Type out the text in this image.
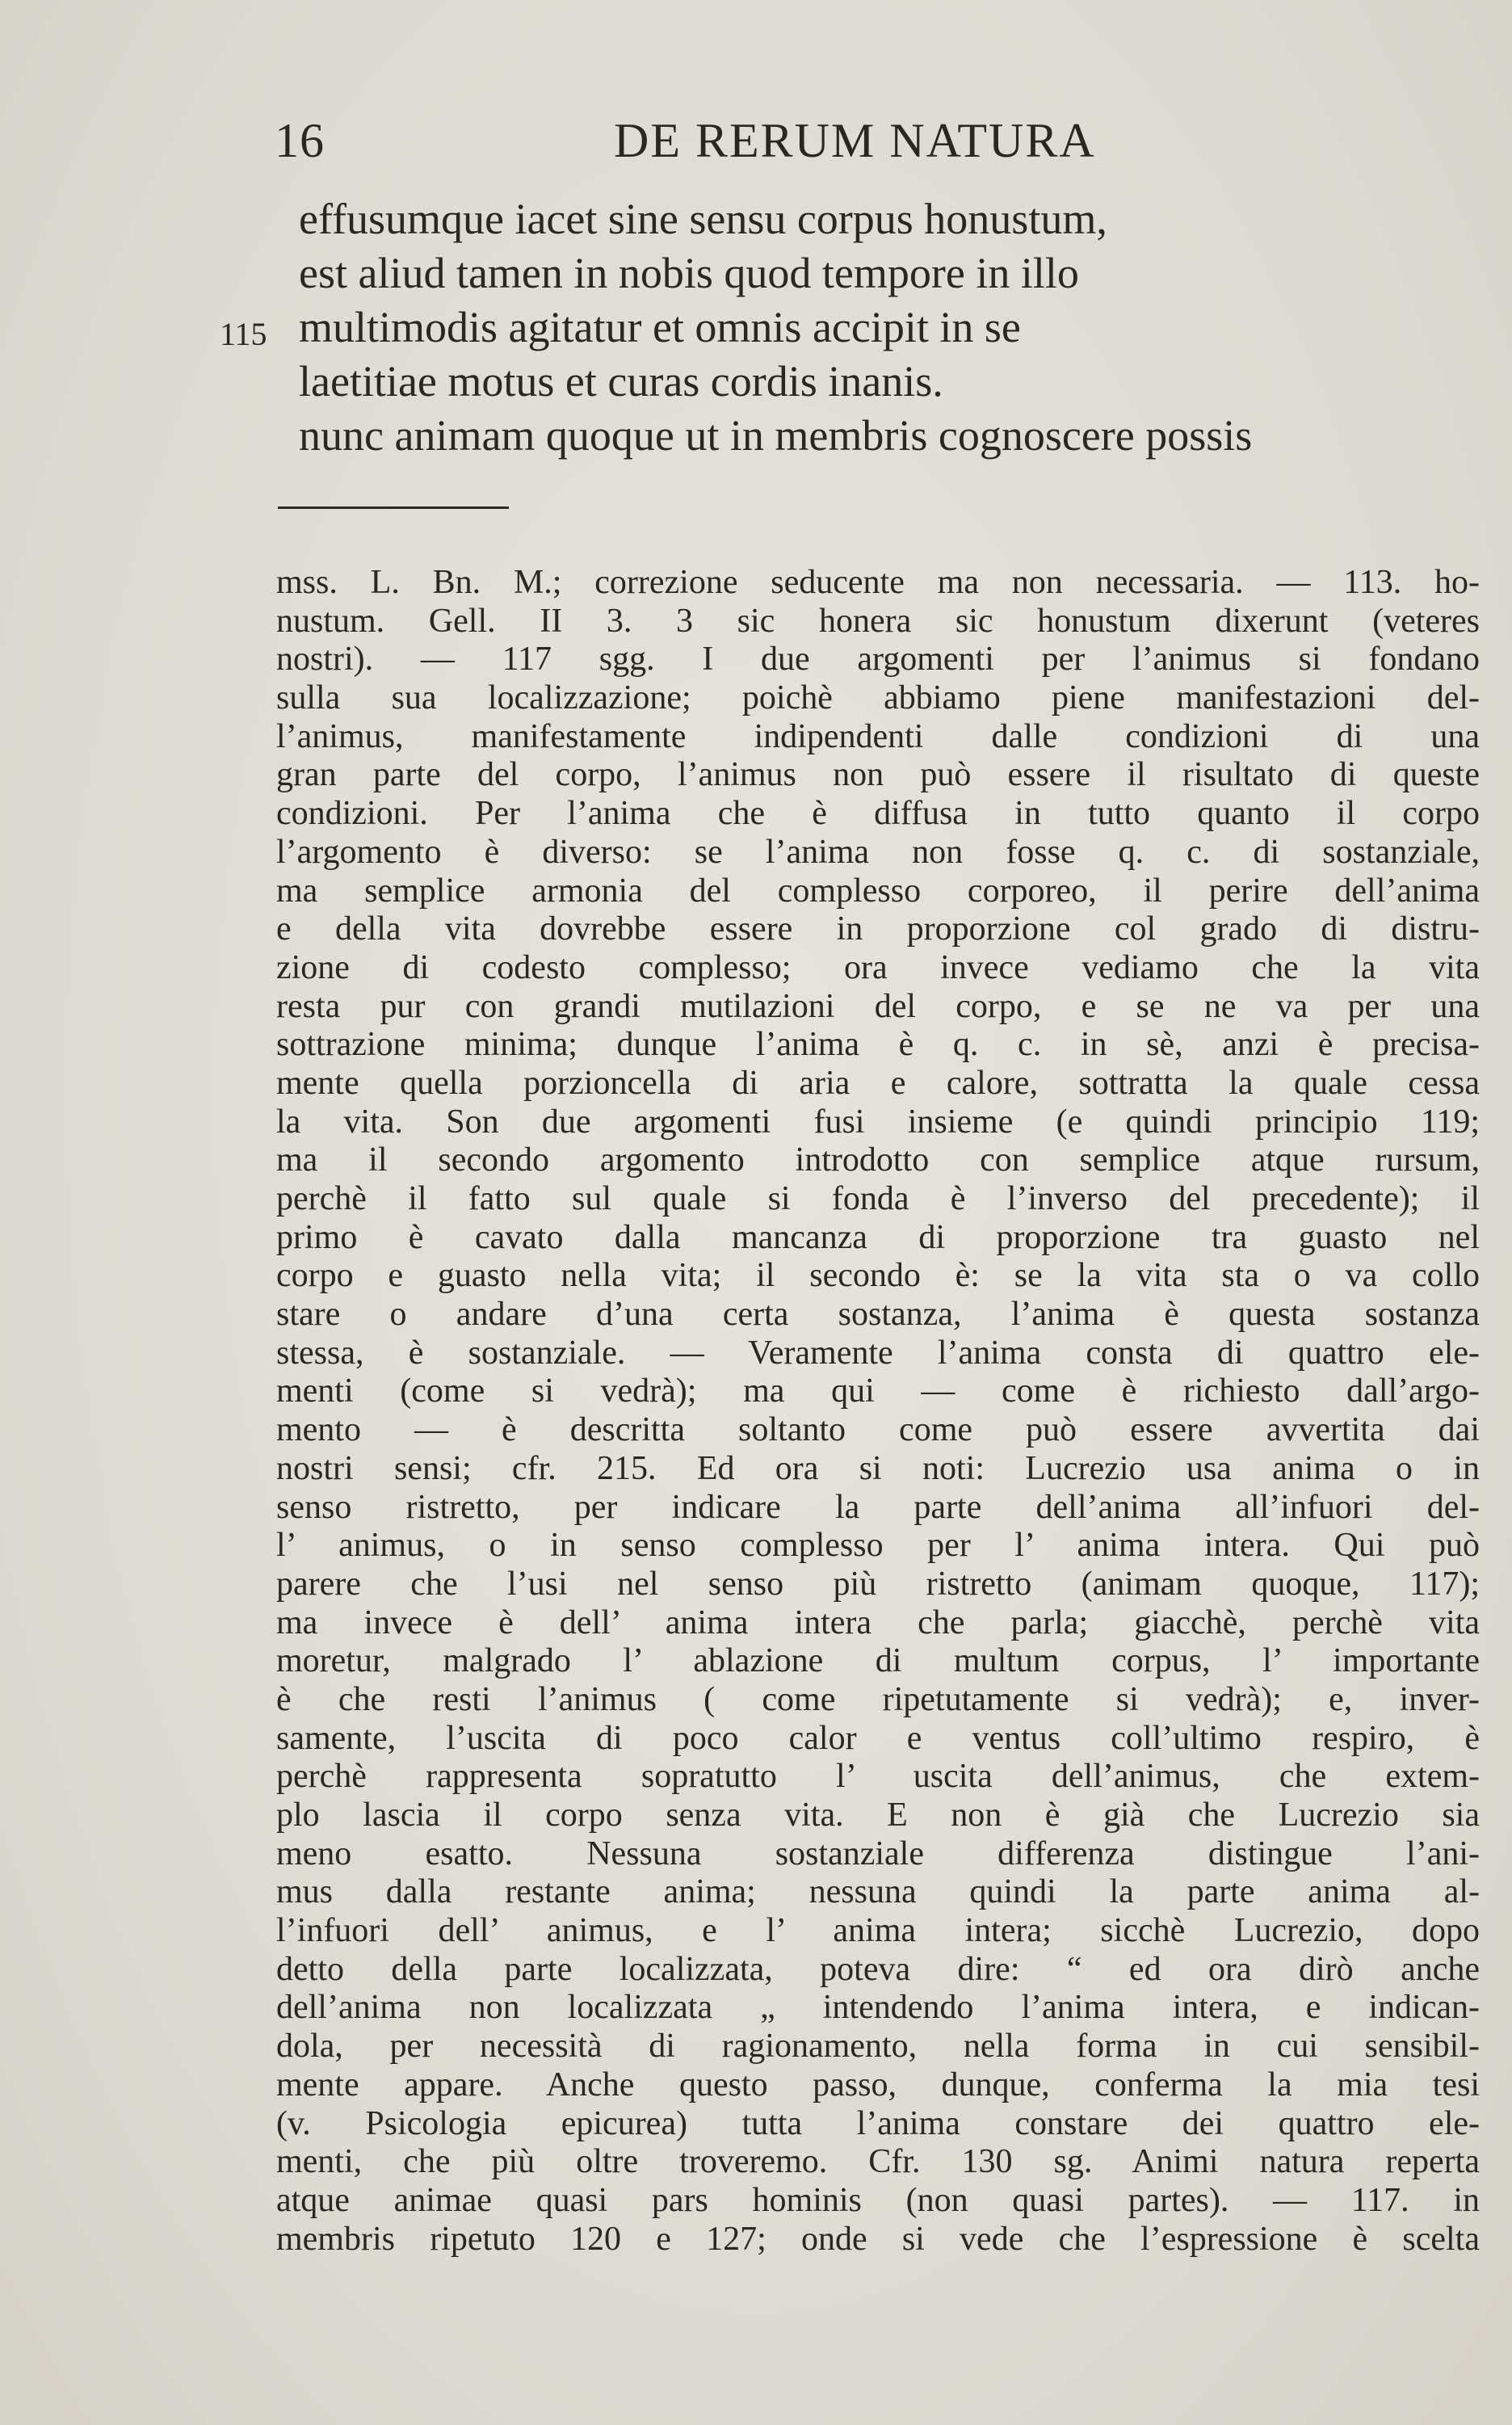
16	DE RERUM NATURA
effusumque iacet sine sensu corpus honustum,
est aliud tamen in nobis quod tempore in illo
115 multimodis agitatur et omnis accipit in se
laetitiae motus et curas cordis inanis.
nunc animam quoque ut in membris cognoscere possis
mss. L. Bn. M.; correzione seducente ma non necessaria. — 113. ho-
nustum. Gell. II 3. 3 sic honera sic honustum dixerunt (veteres
nostri). — 117 sgg. I due argomenti per l’animus si fondano
sulla sua localizzazione; poichè abbiamo piene manifestazioni del-
l’animus, manifestamente indipendenti dalle condizioni di una
gran parte del corpo, l’animus non può essere il risultato di queste
condizioni. Per l’anima che è diffusa in tutto quanto il corpo
l’argomento è diverso: se l’anima non fosse q. c. di sostanziale,
ma semplice armonia del complesso corporeo, il perire dell’anima
e della vita dovrebbe essere in proporzione col grado di distru-
zione di codesto complesso; ora invece vediamo che la vita
resta pur con grandi mutilazioni del corpo, e se ne va per una
sottrazione minima; dunque l’anima è q. c. in sè, anzi è precisa-
mente quella porzioncella di aria e calore, sottratta la quale cessa
la vita. Son due argomenti fusi insieme (e quindi principio 119;
ma il secondo argomento introdotto con semplice atque rursum,
perchè il fatto sul quale si fonda è l’inverso del precedente); il
primo è cavato dalla mancanza di proporzione tra guasto nel
corpo e guasto nella vita; il secondo è: se la vita sta o va collo
stare o andare d’una certa sostanza, l’anima è questa sostanza
stessa, è sostanziale. — Veramente l’anima consta di quattro ele-
menti (come si vedrà); ma qui — come è richiesto dall’argo-
mento — è descritta soltanto come può essere avvertita dai
nostri sensi; cfr. 215. Ed ora si noti: Lucrezio usa anima o in
senso ristretto, per indicare la parte dell’anima all’infuori del-
l’ animus, o in senso complesso per l’ anima intera. Qui può
parere che l’usi nel senso più ristretto (animam quoque, 117);
ma invece è dell’ anima intera che parla; giacchè, perchè vita
moretur, malgrado l’ ablazione di multum corpus, l’ importante
è che resti l’animus ( come ripetutamente si vedrà); e, inver-
samente, l’uscita di poco calor e ventus coll’ultimo respiro, è
perchè rappresenta sopratutto l’ uscita dell’animus, che extem-
plo lascia il corpo senza vita. E non è già che Lucrezio sia
meno esatto. Nessuna sostanziale differenza distingue l’ani-
mus dalla restante anima; nessuna quindi la parte anima al-
l’infuori dell’ animus, e l’ anima intera; sicchè Lucrezio, dopo
detto della parte localizzata, poteva dire: “ ed ora dirò anche
dell’anima non localizzata „ intendendo l’anima intera, e indican-
dola, per necessità di ragionamento, nella forma in cui sensibil-
mente appare. Anche questo passo, dunque, conferma la mia tesi
(v. Psicologia epicurea) tutta l’anima constare dei quattro ele-
menti, che più oltre troveremo. Cfr. 130 sg. Animi natura reperta
atque animae quasi pars hominis (non quasi partes). — 117. in
membris ripetuto 120 e 127; onde si vede che l’espressione è scelta
